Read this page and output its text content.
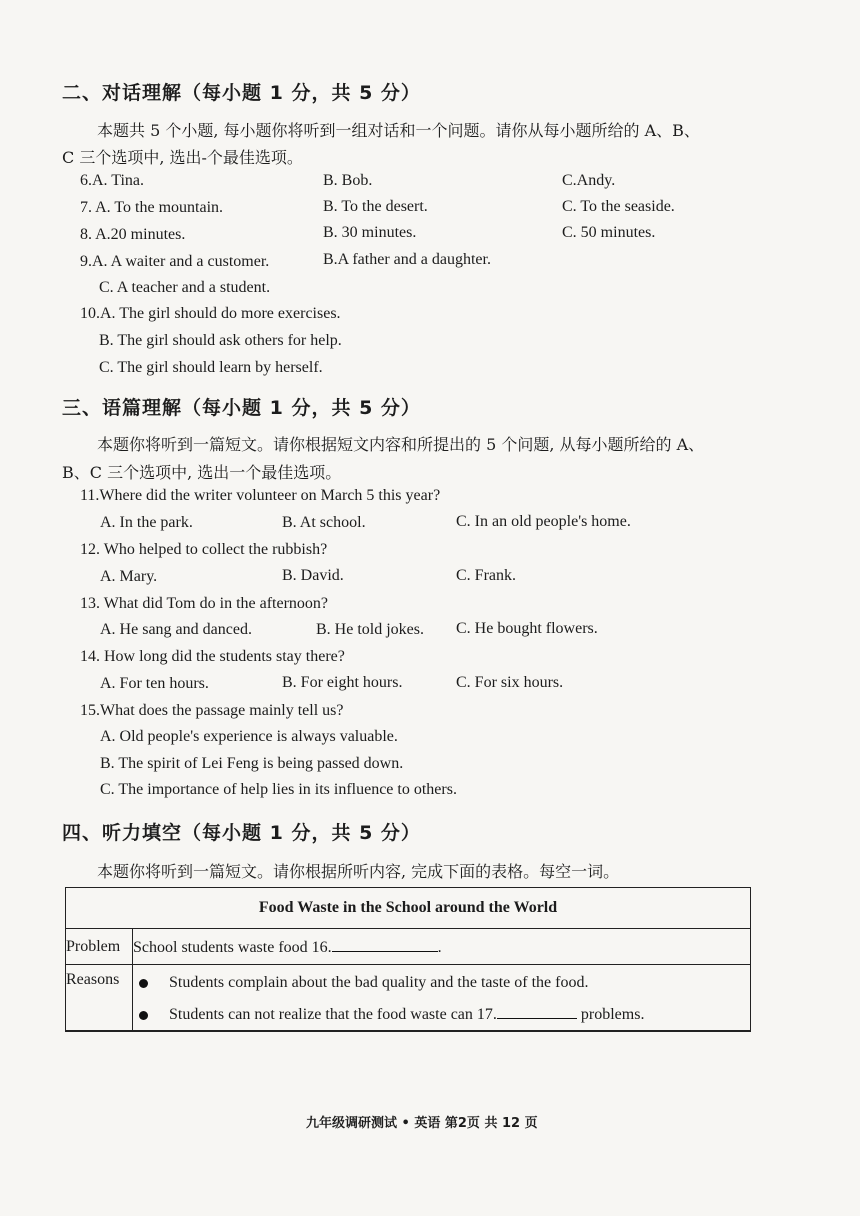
二、对话理解（每小题 1 分，共 5 分）
本题共 5 个小题, 每小题你将听到一组对话和一个问题。请你从每小题所给的 A、B、
C 三个选项中, 选出-个最佳选项。
6.A. Tina.	B. Bob.	C.Andy.
7. A. To the mountain.	B. To the desert.	C. To the seaside.
8. A.20 minutes.	B. 30 minutes.	C. 50 minutes.
9.A. A waiter and a customer.	B.A father and a daughter.
C. A teacher and a student.
10.A. The girl should do more exercises.
B. The girl should ask others for help.
C. The girl should learn by herself.
三、语篇理解（每小题 1 分，共 5 分）
本题你将听到一篇短文。请你根据短文内容和所提出的 5 个问题, 从每小题所给的 A、
B、C 三个选项中, 选出一个最佳选项。
11.Where did the writer volunteer on March 5 this year?
A. In the park.	B. At school.	C. In an old people's home.
12. Who helped to collect the rubbish?
A. Mary.	B. David.	C. Frank.
13. What did Tom do in the afternoon?
A. He sang and danced.	B. He told jokes. C. He bought flowers.
14. How long did the students stay there?
A. For ten hours.	B. For eight hours.	C. For six hours.
15.What does the passage mainly tell us?
A. Old people's experience is always valuable.
B. The spirit of Lei Feng is being passed down.
C. The importance of help lies in its influence to others.
四、听力填空（每小题 1 分，共 5 分）
本题你将听到一篇短文。请你根据所听内容, 完成下面的表格。每空一词。
Food Waste in the School around the World	
Problem	School students waste food 16. .
Reasons	Students complain about the bad quality and the taste of the food.
Students can not realize that the food waste can 17. problems.
九年级调研测试 • 英语 第2页 共 12 页
